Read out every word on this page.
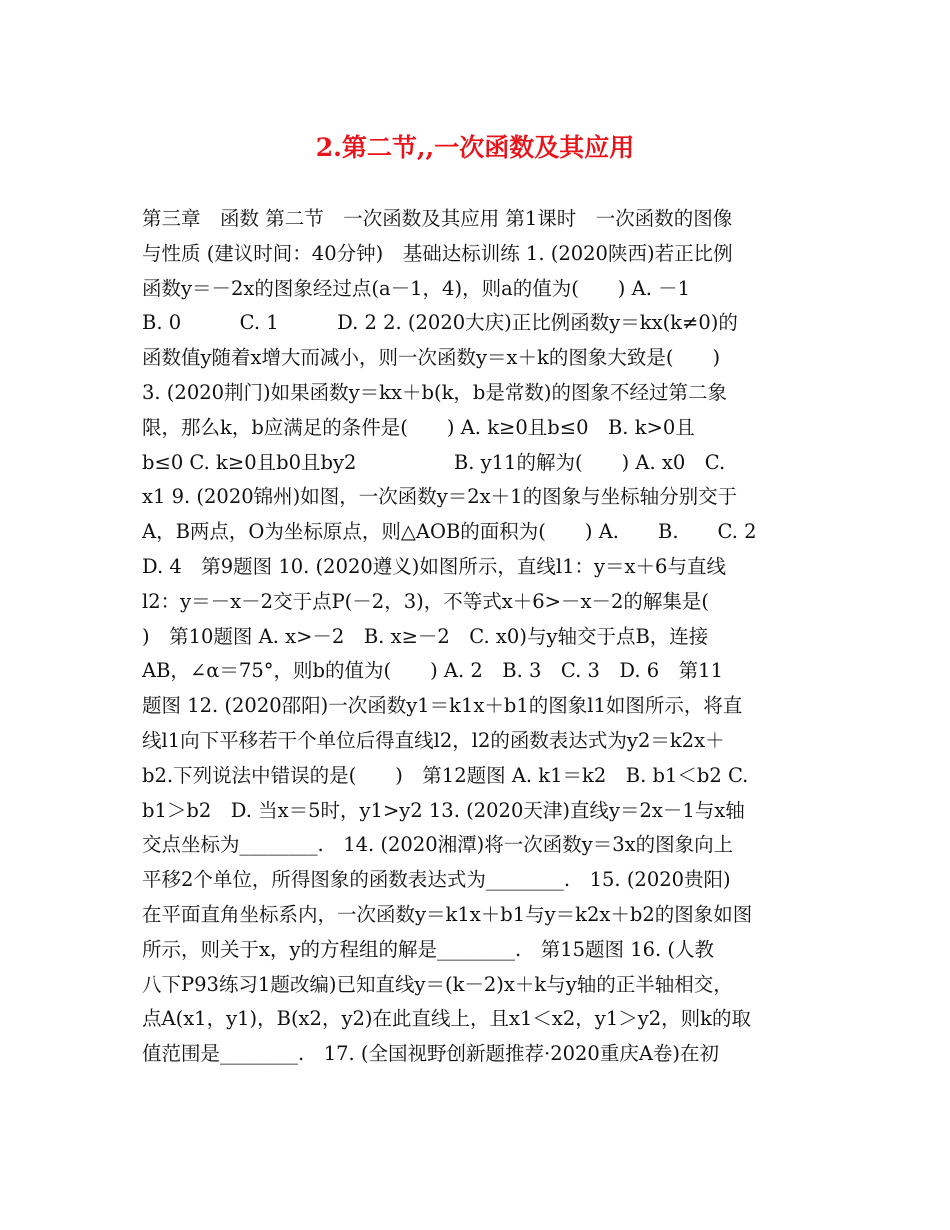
2.第二节,,一次函数及其应用
第三章　函数 第二节　一次函数及其应用 第1课时　一次函数的图像
与性质 (建议时间：40分钟)　基础达标训练 1. (2020陕西)若正比例
函数y＝－2x的图象经过点(a－1，4)，则a的值为(　　) A. －1
B. 0　　　C. 1　　　D. 2 2. (2020大庆)正比例函数y＝kx(k≠0)的
函数值y随着x增大而减小，则一次函数y＝x＋k的图象大致是(　　)
3. (2020荆门)如果函数y＝kx＋b(k，b是常数)的图象不经过第二象
限，那么k，b应满足的条件是(　　) A. k≥0且b≤0　B. k>0且
b≤0 C. k≥0且b0且by2　　　　　B. y11的解为(　　) A. x0　C.
x1 9. (2020锦州)如图，一次函数y＝2x＋1的图象与坐标轴分别交于
A，B两点，O为坐标原点，则△AOB的面积为(　　) A.　　B.　　C. 2
D. 4　第9题图 10. (2020遵义)如图所示，直线l1：y＝x＋6与直线
l2：y＝－x－2交于点P(－2，3)，不等式x＋6>－x－2的解集是(
)　第10题图 A. x>－2　B. x≥－2　C. x0)与y轴交于点B，连接
AB，∠α＝75°，则b的值为(　　) A. 2　B. 3　C. 3　D. 6　第11
题图 12. (2020邵阳)一次函数y1＝k1x＋b1的图象l1如图所示，将直
线l1向下平移若干个单位后得直线l2，l2的函数表达式为y2＝k2x＋
b2.下列说法中错误的是(　　)　第12题图 A. k1＝k2　B. b1＜b2 C.
b1＞b2　D. 当x＝5时，y1>y2 13. (2020天津)直线y＝2x－1与x轴
交点坐标为________.　14. (2020湘潭)将一次函数y＝3x的图象向上
平移2个单位，所得图象的函数表达式为________.　15. (2020贵阳)
在平面直角坐标系内，一次函数y＝k1x＋b1与y＝k2x＋b2的图象如图
所示，则关于x，y的方程组的解是________.　第15题图 16. (人教
八下P93练习1题改编)已知直线y＝(k－2)x＋k与y轴的正半轴相交，
点A(x1，y1)，B(x2，y2)在此直线上，且x1＜x2，y1＞y2，则k的取
值范围是________.　17. (全国视野创新题推荐·2020重庆A卷)在初
